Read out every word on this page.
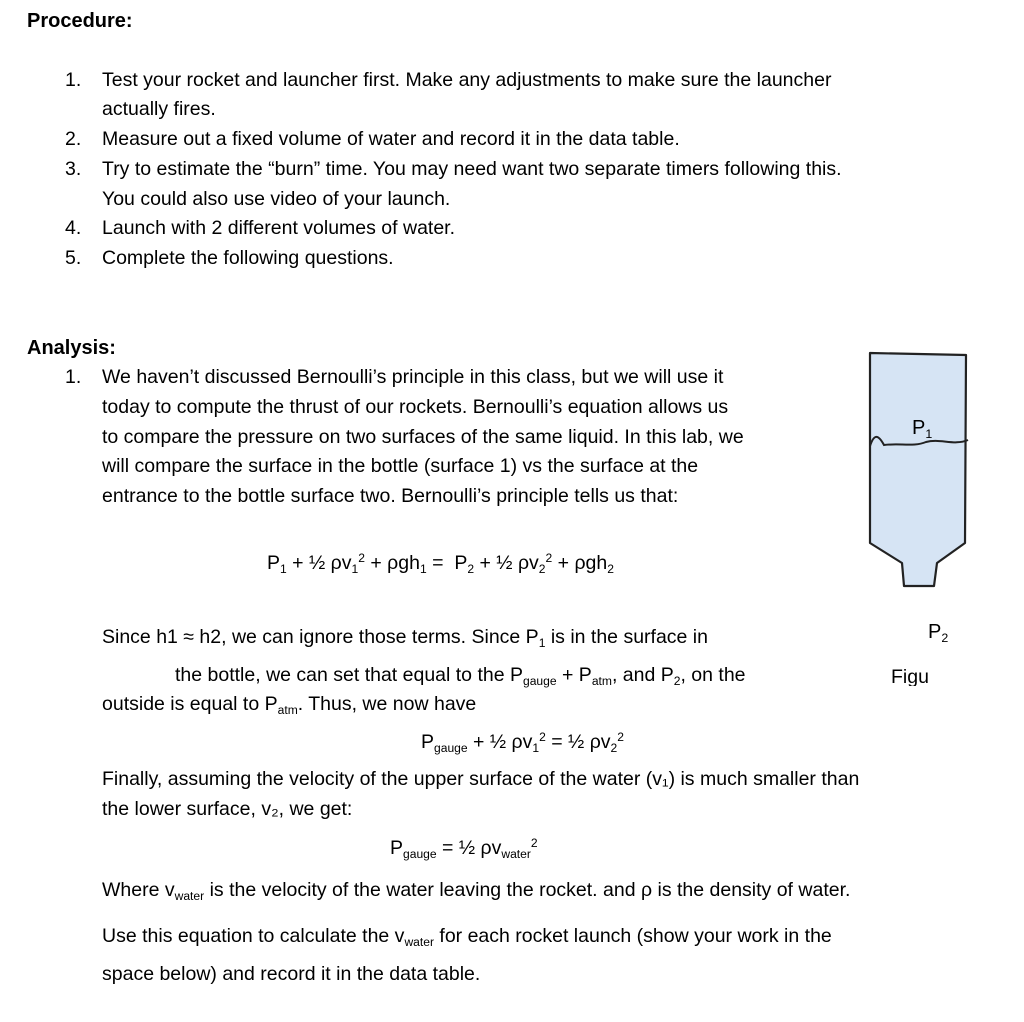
Procedure:
1. Test your rocket and launcher first. Make any adjustments to make sure the launcher
actually fires.
2. Measure out a fixed volume of water and record it in the data table.
3. Try to estimate the “burn” time. You may need want two separate timers following this.
You could also use video of your launch.
4. Launch with 2 different volumes of water.
5. Complete the following questions.
Analysis:
1. We haven’t discussed Bernoulli’s principle in this class, but we will use it
today to compute the thrust of our rockets. Bernoulli’s equation allows us
to compare the pressure on two surfaces of the same liquid. In this lab, we
will compare the surface in the bottle (surface 1) vs the surface at the
entrance to the bottle surface two. Bernoulli’s principle tells us that:
$P_1$ + ½ $\rho v_1^2 + \rho gh_1 = P_2$ + ½ $\rho v_2^2 + \rho gh_2$
Since h1 ≈ h2, we can ignore those terms. Since $P_1$ is in the surface in
the bottle, we can set that equal to the $P_{gauge} + P_{atm}$, and $P_2$, on the
outside is equal to $P_{atm}$. Thus, we now have
$P_{gauge}$ + ½ $\rho v_1^2$ = ½ $\rho v_2^2$
Finally, assuming the velocity of the upper surface of the water (v₁) is much smaller than
the lower surface, v₂, we get:
$P_{gauge}$ = ½ $\rho v_{water}^2$
Where $v_{water}$ is the velocity of the water leaving the rocket. and ρ is the density of water.
Use this equation to calculate the $v_{water}$ for each rocket launch (show your work in the
space below) and record it in the data table.
$P_1$
$P_2$
Figu
